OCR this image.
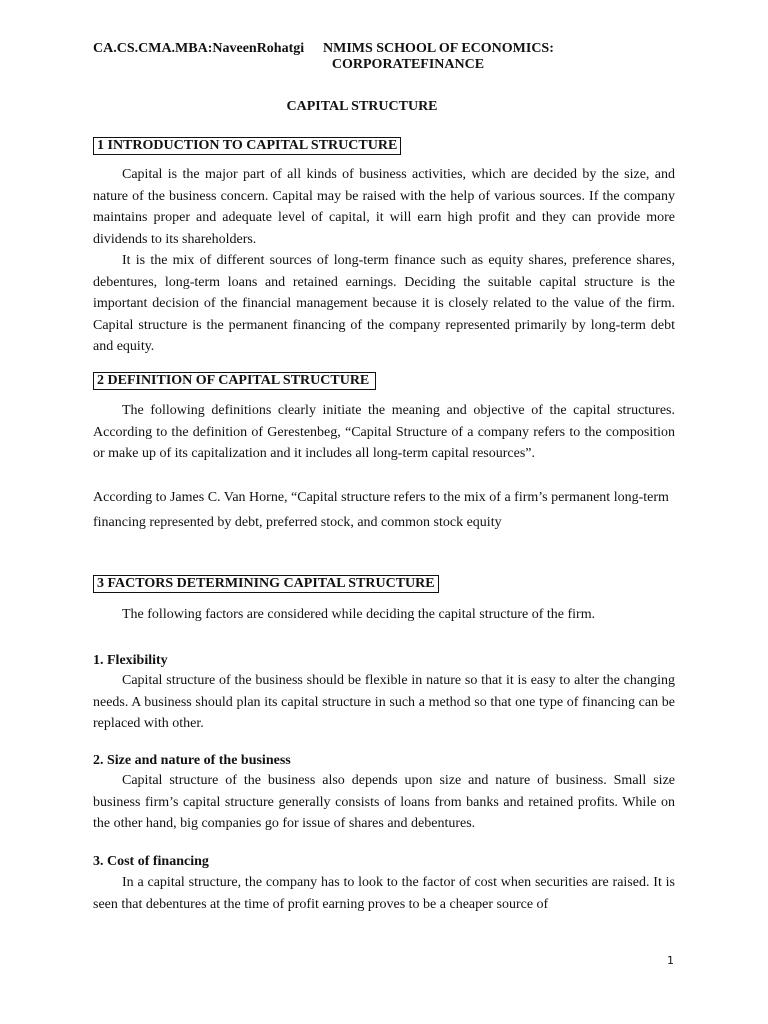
CA.CS.CMA.MBA:NaveenRohatgi NMIMS SCHOOL OF ECONOMICS:
CORPORATEFINANCE
CAPITAL STRUCTURE
1 INTRODUCTION TO CAPITAL STRUCTURE

Capital is the major part of all kinds of business activities, which are decided by the size, and nature of the business concern. Capital may be raised with the help of various sources. If the company maintains proper and adequate level of capital, it will earn high profit and they can provide more dividends to its shareholders.

It is the mix of different sources of long-term finance such as equity shares, preference shares, debentures, long-term loans and retained earnings. Deciding the suitable capital structure is the important decision of the financial management because it is closely related to the value of the firm. Capital structure is the permanent financing of the company represented primarily by long-term debt and equity.

2 DEFINITION OF CAPITAL STRUCTURE

The following definitions clearly initiate the meaning and objective of the capital structures. According to the definition of Gerestenbeg, “Capital Structure of a company refers to the composition or make up of its capitalization and it includes all long-term capital resources”.

According to James C. Van Horne, “Capital structure refers to the mix of a firm’s permanent long-term financing represented by debt, preferred stock, and common stock equity

3 FACTORS DETERMINING CAPITAL STRUCTURE

The following factors are considered while deciding the capital structure of the firm.

1. Flexibility

Capital structure of the business should be flexible in nature so that it is easy to alter the changing needs. A business should plan its capital structure in such a method so that one type of financing can be replaced with other.

2. Size and nature of the business

Capital structure of the business also depends upon size and nature of business. Small size business firm’s capital structure generally consists of loans from banks and retained profits. While on the other hand, big companies go for issue of shares and debentures.

3. Cost of financing

In a capital structure, the company has to look to the factor of cost when securities are raised. It is seen that debentures at the time of profit earning proves to be a cheaper source of

1
